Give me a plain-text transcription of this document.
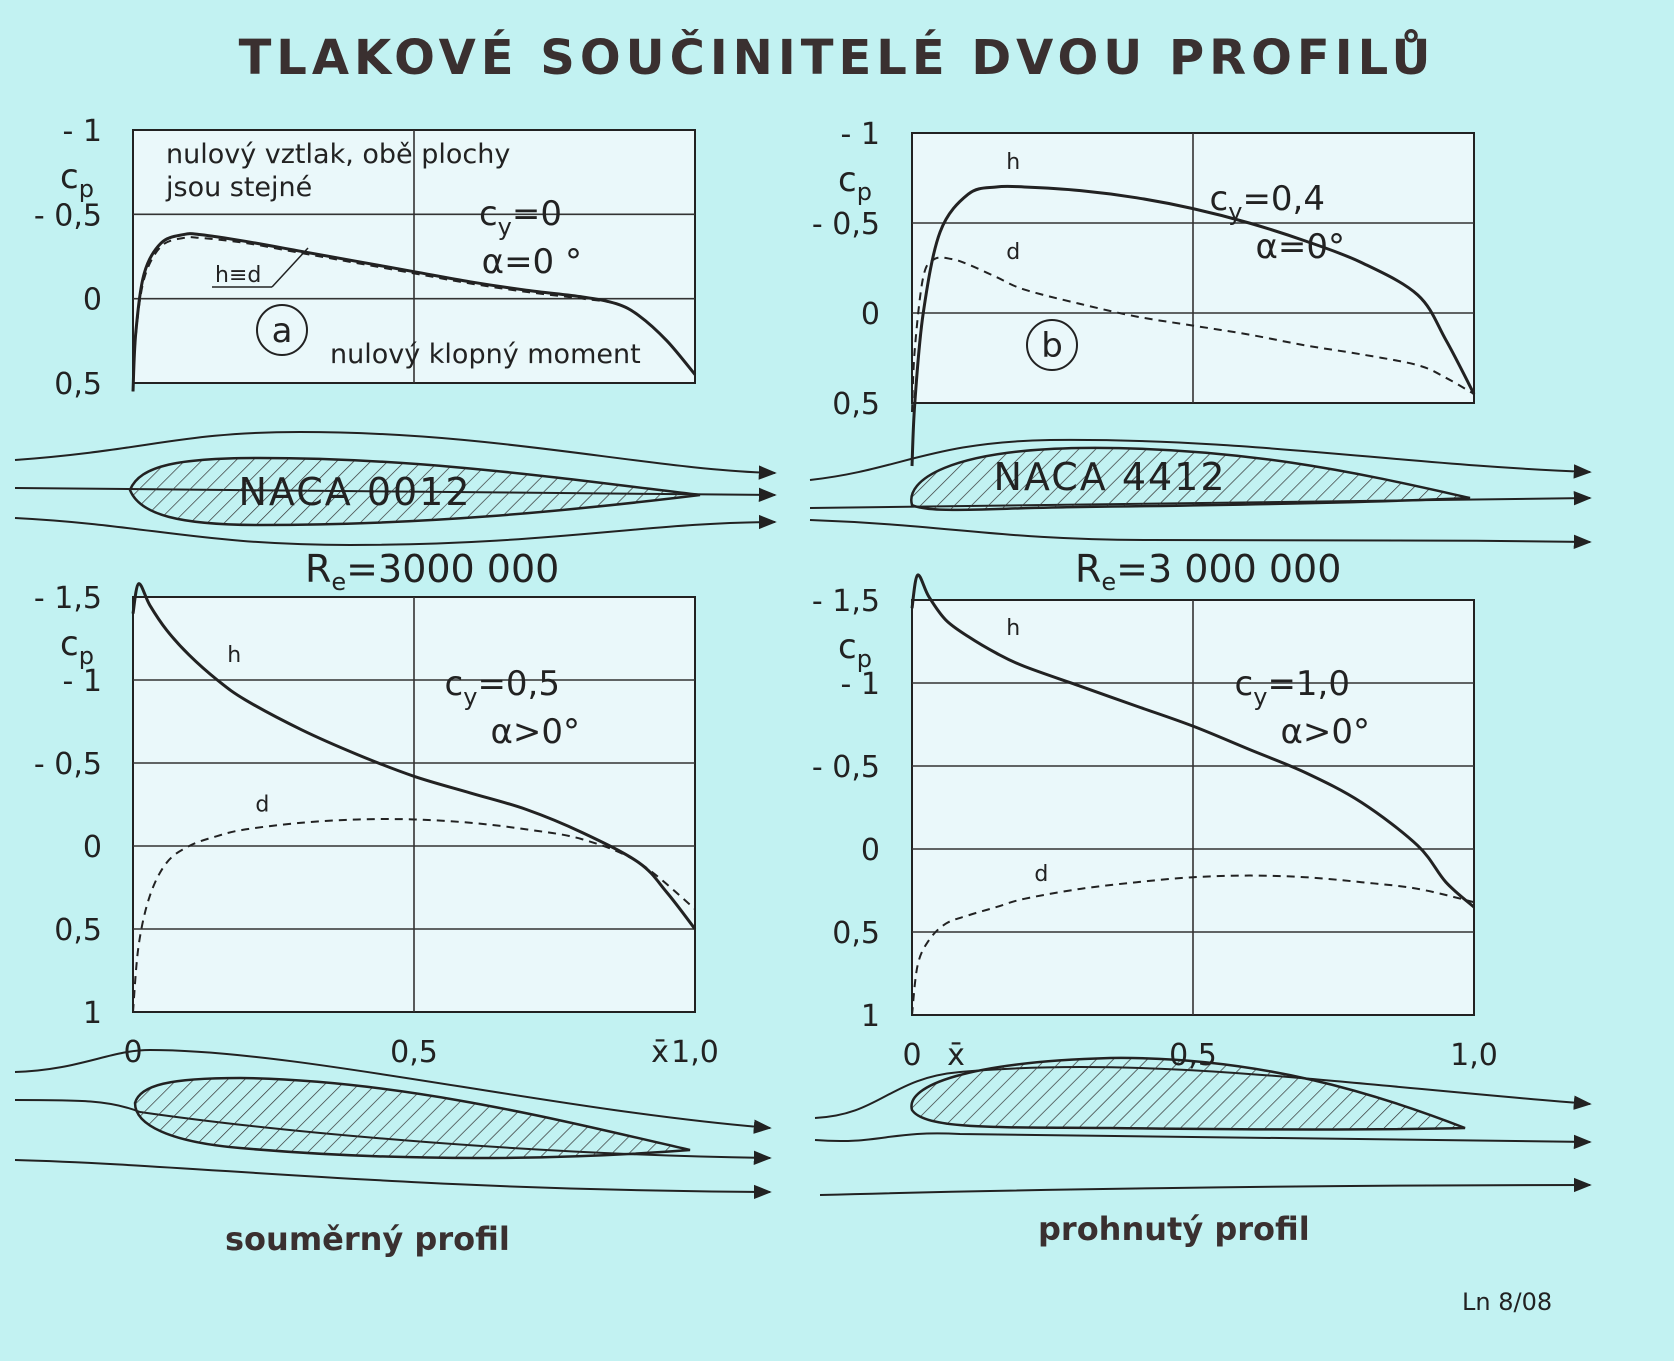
TLAKOVÉ SOUČINITELÉ DVOU PROFILŮ
NACA 0012	NACA 4412
$R_e=3000$ 000	$R_e=3$ 000 000
- 1
- 0,5
0
0,5
$c_p$
h≡d
$c_y=0$
α=0 °
a
- 1
- 0,5
0
0,5
$c_p$
h
d
$c_y=0,4$
α=0°
b
- 1,5
- 1
- 0,5
0
0,5
1
0	0,5	1,0
$c_p$
x̄
h
d
$c_y=0,5$
α>0°
- 1,5
- 1
- 0,5
0
0,5
1
0	0,5	1,0
$c_p$
x̄
h
d
$c_y=1,0$
α>0°
nulový vztlak, obě plochy
jsou stejné
nulový klopný moment
souměrný profil	prohnutý profil
Ln 8/08
